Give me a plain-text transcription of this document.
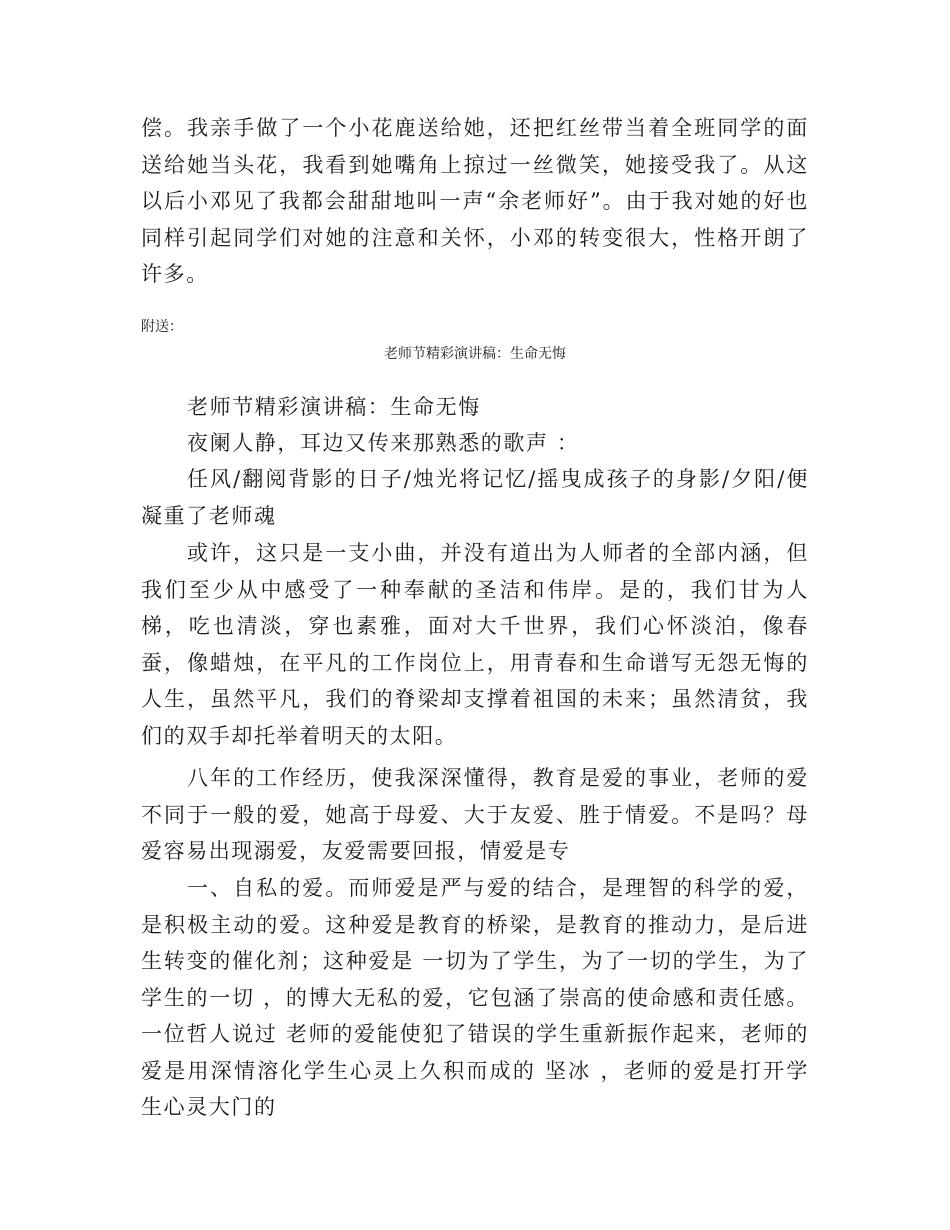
偿。我亲手做了一个小花鹿送给她，还把红丝带当着全班同学的面送给她当头花，我看到她嘴角上掠过一丝微笑，她接受我了。从这以后小邓见了我都会甜甜地叫一声“余老师好”。由于我对她的好也同样引起同学们对她的注意和关怀，小邓的转变很大，性格开朗了许多。

附送：

老师节精彩演讲稿：生命无悔

老师节精彩演讲稿：生命无悔

夜阑人静，耳边又传来那熟悉的歌声 ：

任风/翻阅背影的日子/烛光将记忆/摇曳成孩子的身影/夕阳/便凝重了老师魂

或许，这只是一支小曲，并没有道出为人师者的全部内涵，但我们至少从中感受了一种奉献的圣洁和伟岸。是的，我们甘为人梯，吃也清淡，穿也素雅，面对大千世界，我们心怀淡泊，像春蚕，像蜡烛，在平凡的工作岗位上，用青春和生命谱写无怨无悔的人生，虽然平凡，我们的脊梁却支撑着祖国的未来；虽然清贫，我们的双手却托举着明天的太阳。

八年的工作经历，使我深深懂得，教育是爱的事业，老师的爱不同于一般的爱，她高于母爱、大于友爱、胜于情爱。不是吗？母爱容易出现溺爱，友爱需要回报，情爱是专

一、自私的爱。而师爱是严与爱的结合，是理智的科学的爱，是积极主动的爱。这种爱是教育的桥梁，是教育的推动力，是后进生转变的催化剂；这种爱是 一切为了学生，为了一切的学生，为了学生的一切 ，的博大无私的爱，它包涵了崇高的使命感和责任感。一位哲人说过 老师的爱能使犯了错误的学生重新振作起来，老师的爱是用深情溶化学生心灵上久积而成的 坚冰 ，老师的爱是打开学生心灵大门的
